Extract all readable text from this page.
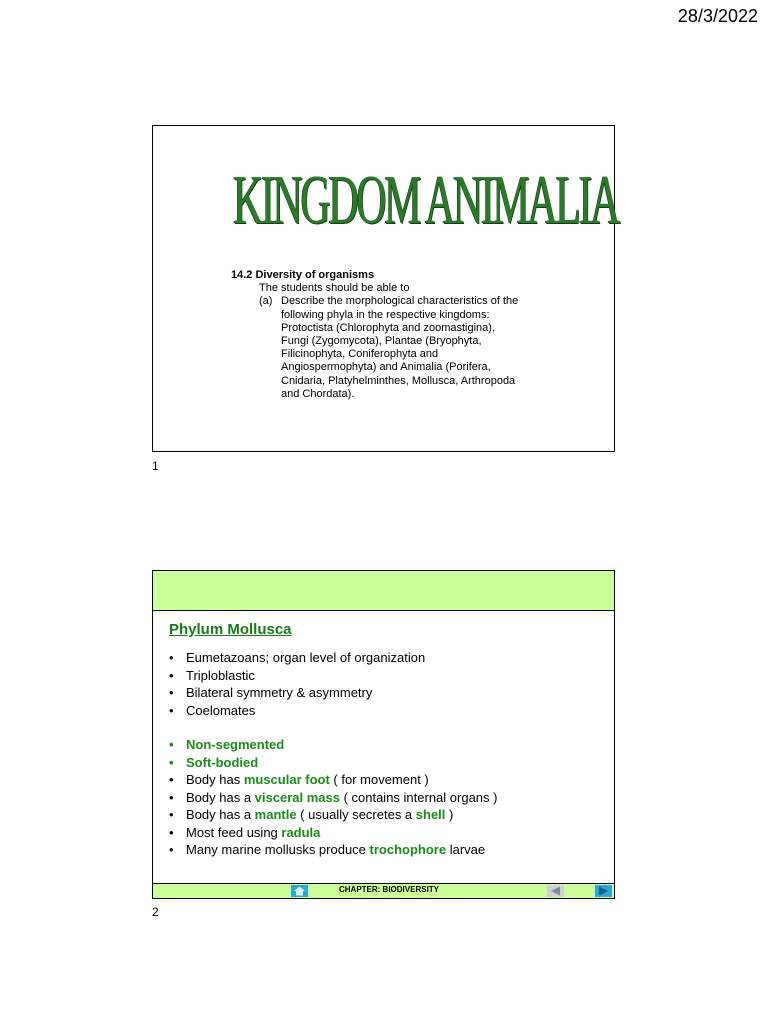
28/3/2022
KINGDOM ANIMALIA
14.2 Diversity of organisms
The students should be able to
(a) Describe the morphological characteristics of the
following phyla in the respective kingdoms:
Protoctista (Chlorophyta and zoomastigina),
Fungi (Zygomycota), Plantae (Bryophyta,
Filicinophyta, Coniferophyta and
Angiospermophyta) and Animalia (Porifera,
Cnidaria, Platyhelminthes, Mollusca, Arthropoda
and Chordata).
1
Phylum Mollusca
• Eumetazoans; organ level of organization
• Triploblastic
• Bilateral symmetry & asymmetry
• Coelomates
• Non-segmented
• Soft-bodied
• Body has muscular foot ( for movement )
• Body has a visceral mass ( contains internal organs )
• Body has a mantle ( usually secretes a shell )
• Most feed using radula
• Many marine mollusks produce trochophore larvae
CHAPTER: BIODIVERSITY
2
